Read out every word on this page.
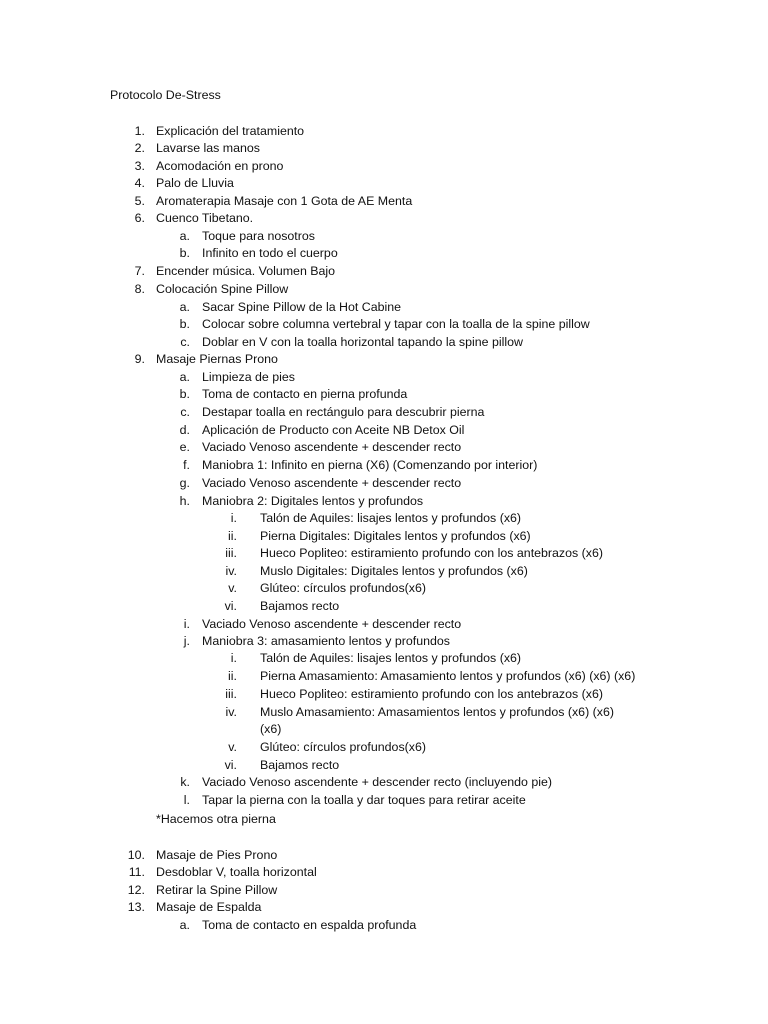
Protocolo De-Stress
1. Explicación del tratamiento
2. Lavarse las manos
3. Acomodación en prono
4. Palo de Lluvia
5. Aromaterapia Masaje con 1 Gota de AE Menta
6. Cuenco Tibetano.
a. Toque para nosotros
b. Infinito en todo el cuerpo
7. Encender música. Volumen Bajo
8. Colocación Spine Pillow
a. Sacar Spine Pillow de la Hot Cabine
b. Colocar sobre columna vertebral y tapar con la toalla de la spine pillow
c. Doblar en V con la toalla horizontal tapando la spine pillow
9. Masaje Piernas Prono
a. Limpieza de pies
b. Toma de contacto en pierna profunda
c. Destapar toalla en rectángulo para descubrir pierna
d. Aplicación de Producto con Aceite NB Detox Oil
e. Vaciado Venoso ascendente + descender recto
f. Maniobra 1: Infinito en pierna (X6) (Comenzando por interior)
g. Vaciado Venoso ascendente + descender recto
h. Maniobra 2: Digitales lentos y profundos
i. Talón de Aquiles: lisajes lentos y profundos (x6)
ii. Pierna Digitales: Digitales lentos y profundos (x6)
iii. Hueco Popliteo: estiramiento profundo con los antebrazos (x6)
iv. Muslo Digitales: Digitales lentos y profundos (x6)
v. Glúteo: círculos profundos(x6)
vi. Bajamos recto
i. Vaciado Venoso ascendente + descender recto
j. Maniobra 3: amasamiento lentos y profundos
i. Talón de Aquiles: lisajes lentos y profundos (x6)
ii. Pierna Amasamiento: Amasamiento lentos y profundos (x6) (x6) (x6)
iii. Hueco Popliteo: estiramiento profundo con los antebrazos (x6)
iv. Muslo Amasamiento: Amasamientos lentos y profundos (x6) (x6)
(x6)
v. Glúteo: círculos profundos(x6)
vi. Bajamos recto
k. Vaciado Venoso ascendente + descender recto (incluyendo pie)
l. Tapar la pierna con la toalla y dar toques para retirar aceite
*Hacemos otra pierna
10. Masaje de Pies Prono
11. Desdoblar V, toalla horizontal
12. Retirar la Spine Pillow
13. Masaje de Espalda
a. Toma de contacto en espalda profunda
